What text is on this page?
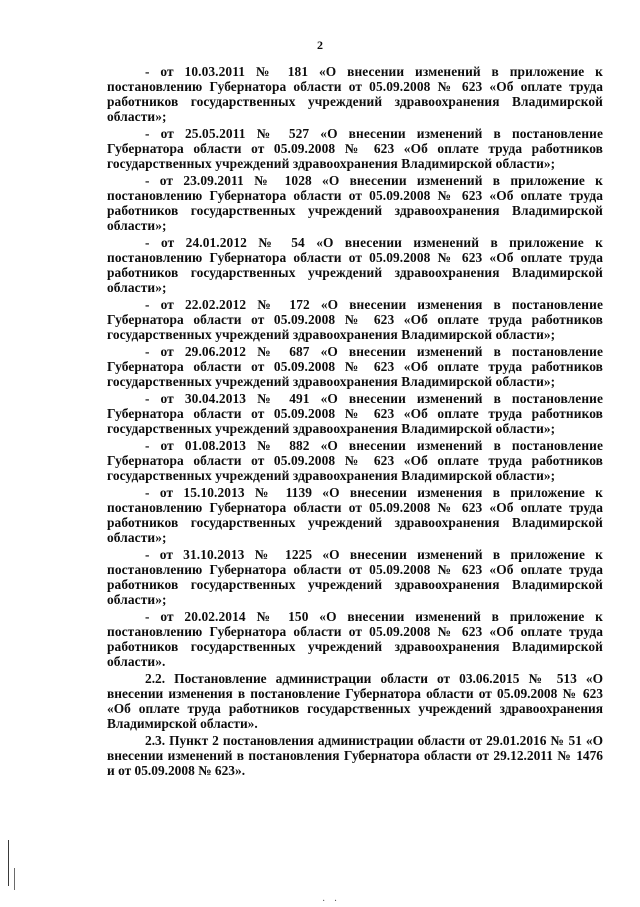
2

- от 10.03.2011 № 181 «О внесении изменений в приложение к постановлению Губернатора области от 05.09.2008 № 623 «Об оплате труда работников государственных учреждений здравоохранения Владимирской области»;

- от 25.05.2011 № 527 «О внесении изменений в постановление Губернатора области от 05.09.2008 № 623 «Об оплате труда работников государственных учреждений здравоохранения Владимирской области»;

- от 23.09.2011 № 1028 «О внесении изменений в приложение к постановлению Губернатора области от 05.09.2008 № 623 «Об оплате труда работников государственных учреждений здравоохранения Владимирской области»;

- от 24.01.2012 № 54 «О внесении изменений в приложение к постановлению Губернатора области от 05.09.2008 № 623 «Об оплате труда работников государственных учреждений здравоохранения Владимирской области»;

- от 22.02.2012 № 172 «О внесении изменения в постановление Губернатора области от 05.09.2008 № 623 «Об оплате труда работников государственных учреждений здравоохранения Владимирской области»;

- от 29.06.2012 № 687 «О внесении изменений в постановление Губернатора области от 05.09.2008 № 623 «Об оплате труда работников государственных учреждений здравоохранения Владимирской области»;

- от 30.04.2013 № 491 «О внесении изменений в постановление Губернатора области от 05.09.2008 № 623 «Об оплате труда работников государственных учреждений здравоохранения Владимирской области»;

- от 01.08.2013 № 882 «О внесении изменений в постановление Губернатора области от 05.09.2008 № 623 «Об оплате труда работников государственных учреждений здравоохранения Владимирской области»;

- от 15.10.2013 № 1139 «О внесении изменения в приложение к постановлению Губернатора области от 05.09.2008 № 623 «Об оплате труда работников государственных учреждений здравоохранения Владимирской области»;

- от 31.10.2013 № 1225 «О внесении изменений в приложение к постановлению Губернатора области от 05.09.2008 № 623 «Об оплате труда работников государственных учреждений здравоохранения Владимирской области»;

- от 20.02.2014 № 150 «О внесении изменений в приложение к постановлению Губернатора области от 05.09.2008 № 623 «Об оплате труда работников государственных учреждений здравоохранения Владимирской области».

2.2. Постановление администрации области от 03.06.2015 № 513 «О внесении изменения в постановление Губернатора области от 05.09.2008 № 623 «Об оплате труда работников государственных учреждений здравоохранения Владимирской области».

2.3. Пункт 2 постановления администрации области от 29.01.2016 № 51 «О внесении изменений в постановления Губернатора области от 29.12.2011 № 1476 и от 05.09.2008 № 623».

· ·
